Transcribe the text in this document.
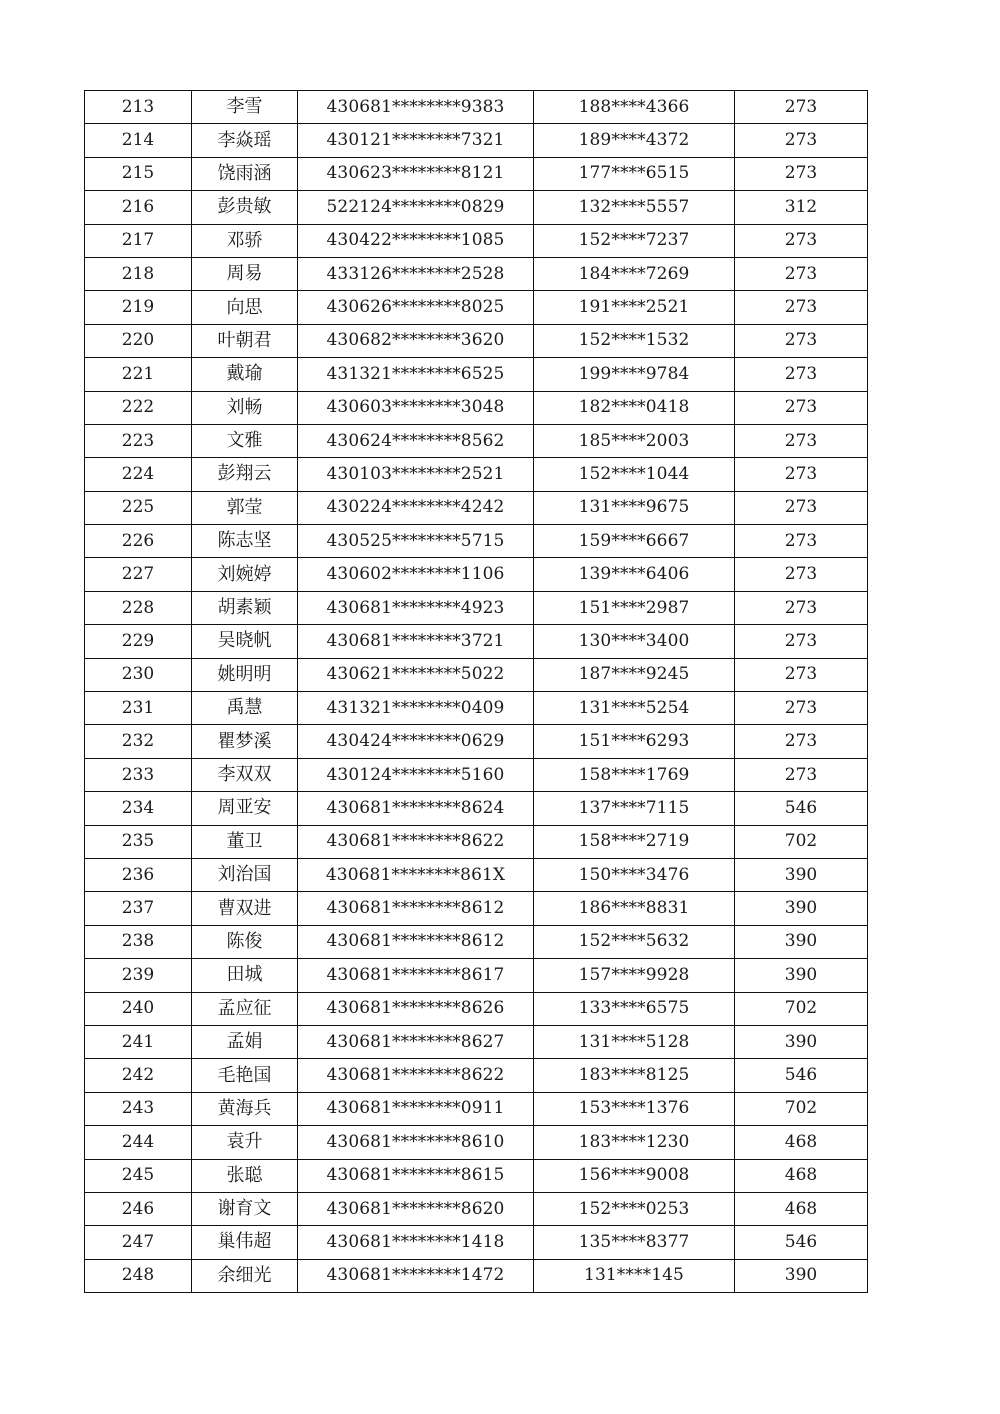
213	李雪	430681********9383	188****4366	273
214	李焱瑶	430121********7321	189****4372	273
215	饶雨涵	430623********8121	177****6515	273
216	彭贵敏	522124********0829	132****5557	312
217	邓骄	430422********1085	152****7237	273
218	周易	433126********2528	184****7269	273
219	向思	430626********8025	191****2521	273
220	叶朝君	430682********3620	152****1532	273
221	戴瑜	431321********6525	199****9784	273
222	刘畅	430603********3048	182****0418	273
223	文雅	430624********8562	185****2003	273
224	彭翔云	430103********2521	152****1044	273
225	郭莹	430224********4242	131****9675	273
226	陈志坚	430525********5715	159****6667	273
227	刘婉婷	430602********1106	139****6406	273
228	胡素颖	430681********4923	151****2987	273
229	吴晓帆	430681********3721	130****3400	273
230	姚明明	430621********5022	187****9245	273
231	禹慧	431321********0409	131****5254	273
232	瞿梦溪	430424********0629	151****6293	273
233	李双双	430124********5160	158****1769	273
234	周亚安	430681********8624	137****7115	546
235	董卫	430681********8622	158****2719	702
236	刘治国	430681********861X	150****3476	390
237	曹双进	430681********8612	186****8831	390
238	陈俊	430681********8612	152****5632	390
239	田城	430681********8617	157****9928	390
240	孟应征	430681********8626	133****6575	702
241	孟娟	430681********8627	131****5128	390
242	毛艳国	430681********8622	183****8125	546
243	黄海兵	430681********0911	153****1376	702
244	袁升	430681********8610	183****1230	468
245	张聪	430681********8615	156****9008	468
246	谢育文	430681********8620	152****0253	468
247	巢伟超	430681********1418	135****8377	546
248	余细光	430681********1472	131****145	390
